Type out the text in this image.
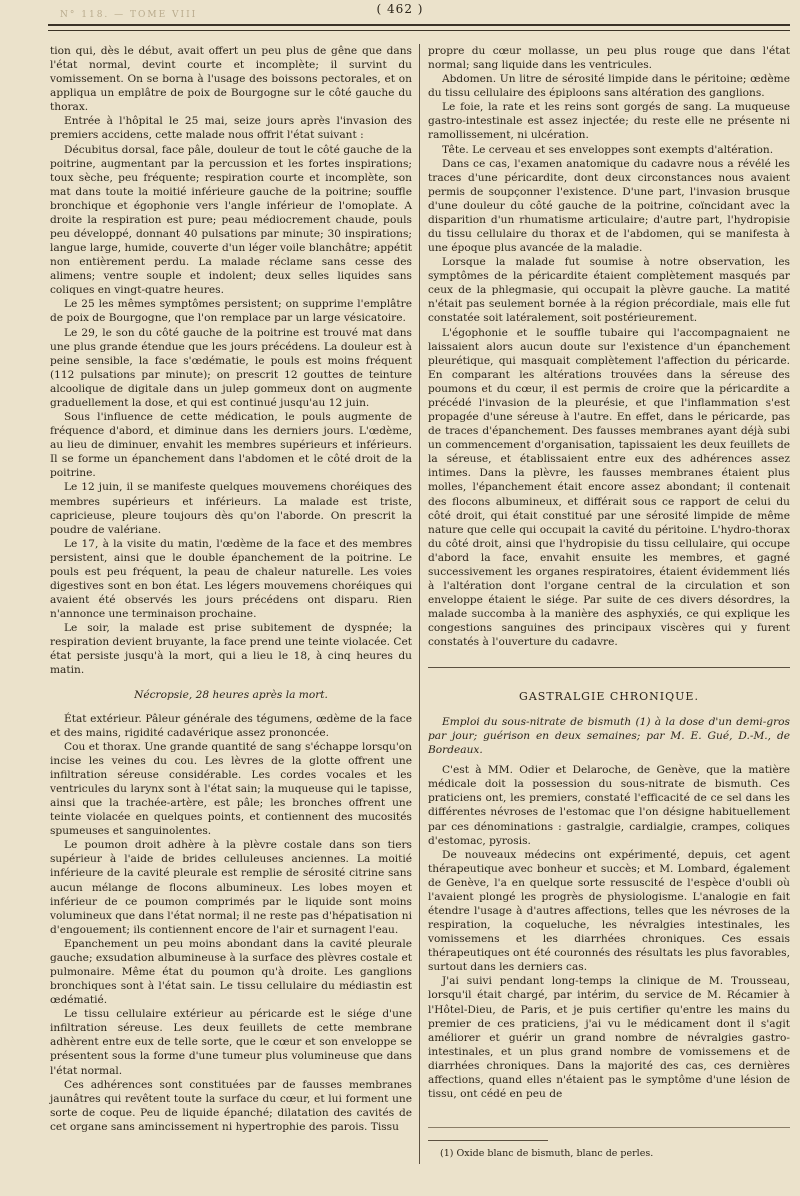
N° 118. — TOME VIII	( 462 )

tion qui, dès le début, avait offert un peu plus de gêne que dans l'état normal, devint courte et incomplète; il survint du vomissement. On se borna à l'usage des boissons pectorales, et on appliqua un emplâtre de poix de Bourgogne sur le côté gauche du thorax.

Entrée à l'hôpital le 25 mai, seize jours après l'invasion des premiers accidens, cette malade nous offrit l'état suivant :

Décubitus dorsal, face pâle, douleur de tout le côté gauche de la poitrine, augmentant par la percussion et les fortes inspirations; toux sèche, peu fréquente; respiration courte et incomplète, son mat dans toute la moitié inférieure gauche de la poitrine; souffle bronchique et égophonie vers l'angle inférieur de l'omoplate. A droite la respiration est pure; peau médiocrement chaude, pouls peu développé, donnant 40 pulsations par minute; 30 inspirations; langue large, humide, couverte d'un léger voile blanchâtre; appétit non entièrement perdu. La malade réclame sans cesse des alimens; ventre souple et indolent; deux selles liquides sans coliques en vingt-quatre heures.

Le 25 les mêmes symptômes persistent; on supprime l'emplâtre de poix de Bourgogne, que l'on remplace par un large vésicatoire.

Le 29, le son du côté gauche de la poitrine est trouvé mat dans une plus grande étendue que les jours précédens. La douleur est à peine sensible, la face s'œdématie, le pouls est moins fréquent (112 pulsations par minute); on prescrit 12 gouttes de teinture alcoolique de digitale dans un julep gommeux dont on augmente graduellement la dose, et qui est continué jusqu'au 12 juin.

Sous l'influence de cette médication, le pouls augmente de fréquence d'abord, et diminue dans les derniers jours. L'œdème, au lieu de diminuer, envahit les membres supérieurs et inférieurs. Il se forme un épanchement dans l'abdomen et le côté droit de la poitrine.

Le 12 juin, il se manifeste quelques mouvemens choréiques des membres supérieurs et inférieurs. La malade est triste, capricieuse, pleure toujours dès qu'on l'aborde. On prescrit la poudre de valériane.

Le 17, à la visite du matin, l'œdème de la face et des membres persistent, ainsi que le double épanchement de la poitrine. Le pouls est peu fréquent, la peau de chaleur naturelle. Les voies digestives sont en bon état. Les légers mouvemens choréiques qui avaient été observés les jours précédens ont disparu. Rien n'annonce une terminaison prochaine.

Le soir, la malade est prise subitement de dyspnée; la respiration devient bruyante, la face prend une teinte violacée. Cet état persiste jusqu'à la mort, qui a lieu le 18, à cinq heures du matin.

Nécropsie, 28 heures après la mort.

État extérieur. Pâleur générale des tégumens, œdème de la face et des mains, rigidité cadavérique assez prononcée.

Cou et thorax. Une grande quantité de sang s'échappe lorsqu'on incise les veines du cou. Les lèvres de la glotte offrent une infiltration séreuse considérable. Les cordes vocales et les ventricules du larynx sont à l'état sain; la muqueuse qui le tapisse, ainsi que la trachée-artère, est pâle; les bronches offrent une teinte violacée en quelques points, et contiennent des mucosités spumeuses et sanguinolentes.

Le poumon droit adhère à la plèvre costale dans son tiers supérieur à l'aide de brides celluleuses anciennes. La moitié inférieure de la cavité pleurale est remplie de sérosité citrine sans aucun mélange de flocons albumineux. Les lobes moyen et inférieur de ce poumon comprimés par le liquide sont moins volumineux que dans l'état normal; il ne reste pas d'hépatisation ni d'engouement; ils contiennent encore de l'air et surnagent l'eau.

Epanchement un peu moins abondant dans la cavité pleurale gauche; exsudation albumineuse à la surface des plèvres costale et pulmonaire. Même état du poumon qu'à droite. Les ganglions bronchiques sont à l'état sain. Le tissu cellulaire du médiastin est œdématié.

Le tissu cellulaire extérieur au péricarde est le siége d'une infiltration séreuse. Les deux feuillets de cette membrane adhèrent entre eux de telle sorte, que le cœur et son enveloppe se présentent sous la forme d'une tumeur plus volumineuse que dans l'état normal.

Ces adhérences sont constituées par de fausses membranes jaunâtres qui revêtent toute la surface du cœur, et lui forment une sorte de coque. Peu de liquide épanché; dilatation des cavités de cet organe sans amincissement ni hypertrophie des parois. Tissu

propre du cœur mollasse, un peu plus rouge que dans l'état normal; sang liquide dans les ventricules.

Abdomen. Un litre de sérosité limpide dans le péritoine; œdème du tissu cellulaire des épiploons sans altération des ganglions.

Le foie, la rate et les reins sont gorgés de sang. La muqueuse gastro-intestinale est assez injectée; du reste elle ne présente ni ramollissement, ni ulcération.

Tête. Le cerveau et ses enveloppes sont exempts d'altération.

Dans ce cas, l'examen anatomique du cadavre nous a révélé les traces d'une péricardite, dont deux circonstances nous avaient permis de soupçonner l'existence. D'une part, l'invasion brusque d'une douleur du côté gauche de la poitrine, coïncidant avec la disparition d'un rhumatisme articulaire; d'autre part, l'hydropisie du tissu cellulaire du thorax et de l'abdomen, qui se manifesta à une époque plus avancée de la maladie.

Lorsque la malade fut soumise à notre observation, les symptômes de la péricardite étaient complètement masqués par ceux de la phlegmasie, qui occupait la plèvre gauche. La matité n'était pas seulement bornée à la région précordiale, mais elle fut constatée soit latéralement, soit postérieurement.

L'égophonie et le souffle tubaire qui l'accompagnaient ne laissaient alors aucun doute sur l'existence d'un épanchement pleurétique, qui masquait complètement l'affection du péricarde. En comparant les altérations trouvées dans la séreuse des poumons et du cœur, il est permis de croire que la péricardite a précédé l'invasion de la pleurésie, et que l'inflammation s'est propagée d'une séreuse à l'autre. En effet, dans le péricarde, pas de traces d'épanchement. Des fausses membranes ayant déjà subi un commencement d'organisation, tapissaient les deux feuillets de la séreuse, et établissaient entre eux des adhérences assez intimes. Dans la plèvre, les fausses membranes étaient plus molles, l'épanchement était encore assez abondant; il contenait des flocons albumineux, et différait sous ce rapport de celui du côté droit, qui était constitué par une sérosité limpide de même nature que celle qui occupait la cavité du péritoine. L'hydro-thorax du côté droit, ainsi que l'hydropisie du tissu cellulaire, qui occupe d'abord la face, envahit ensuite les membres, et gagné successivement les organes respiratoires, étaient évidemment liés à l'altération dont l'organe central de la circulation et son enveloppe étaient le siége. Par suite de ces divers désordres, la malade succomba à la manière des asphyxiés, ce qui explique les congestions sanguines des principaux viscères qui y furent constatés à l'ouverture du cadavre.

GASTRALGIE CHRONIQUE.

Emploi du sous-nitrate de bismuth (1) à la dose d'un demi-gros par jour; guérison en deux semaines; par M. E. Gué, D.-M., de Bordeaux.

C'est à MM. Odier et Delaroche, de Genève, que la matière médicale doit la possession du sous-nitrate de bismuth. Ces praticiens ont, les premiers, constaté l'efficacité de ce sel dans les différentes névroses de l'estomac que l'on désigne habituellement par ces dénominations : gastralgie, cardialgie, crampes, coliques d'estomac, pyrosis.

De nouveaux médecins ont expérimenté, depuis, cet agent thérapeutique avec bonheur et succès; et M. Lombard, également de Genève, l'a en quelque sorte ressuscité de l'espèce d'oubli où l'avaient plongé les progrès de physiologisme. L'analogie en fait étendre l'usage à d'autres affections, telles que les névroses de la respiration, la coqueluche, les névralgies intestinales, les vomissemens et les diarrhées chroniques. Ces essais thérapeutiques ont été couronnés des résultats les plus favorables, surtout dans les derniers cas.

J'ai suivi pendant long-temps la clinique de M. Trousseau, lorsqu'il était chargé, par intérim, du service de M. Récamier à l'Hôtel-Dieu, de Paris, et je puis certifier qu'entre les mains du premier de ces praticiens, j'ai vu le médicament dont il s'agit améliorer et guérir un grand nombre de névralgies gastro-intestinales, et un plus grand nombre de vomissemens et de diarrhées chroniques. Dans la majorité des cas, ces dernières affections, quand elles n'étaient pas le symptôme d'une lésion de tissu, ont cédé en peu de

(1) Oxide blanc de bismuth, blanc de perles.
